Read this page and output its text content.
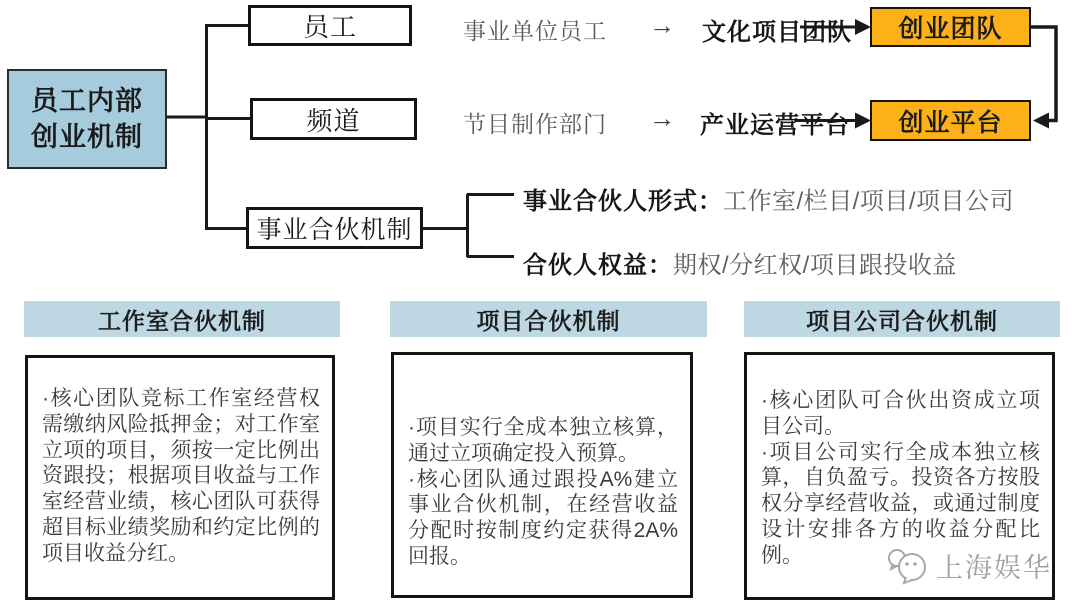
员工内部
创业机制
员工
频道
事业合伙机制
事业单位员工 → 文化项目团队 创业团队
节目制作部门 → 产业运营平台 创业平台
事业合伙人形式：工作室/栏目/项目/项目公司
合伙人权益：期权/分红权/项目跟投收益
工作室合伙机制	项目合伙机制	项目公司合伙机制

·核心团队竞标工作室经营权需缴纳风险抵押金；对工作室立项的项目，须按一定比例出资跟投；根据项目收益与工作室经营业绩，核心团队可获得超目标业绩奖励和约定比例的项目收益分红。

·项目实行全成本独立核算，通过立项确定投入预算。

·核心团队通过跟投A%建立事业合伙机制，在经营收益分配时按制度约定获得2A%回报。

·核心团队可合伙出资成立项目公司。

·项目公司实行全成本独立核算，自负盈亏。投资各方按股权分享经营收益，或通过制度设计安排各方的收益分配比例。	上海娱华
